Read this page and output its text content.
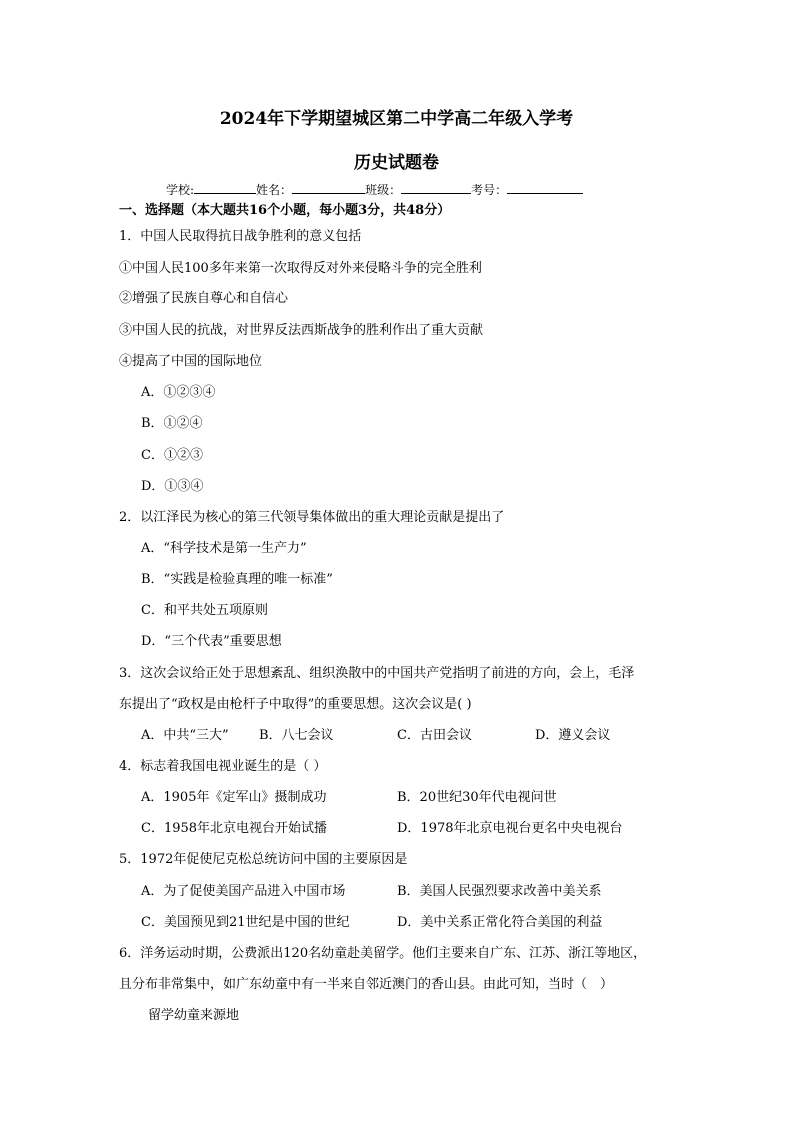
2024年下学期望城区第二中学高二年级入学考
历史试题卷
学校:	姓名：	班级：	考号：
一、选择题（本大题共16个小题，每小题3分，共48分）
1．中国人民取得抗日战争胜利的意义包括
①中国人民100多年来第一次取得反对外来侵略斗争的完全胜利
②增强了民族自尊心和自信心
③中国人民的抗战，对世界反法西斯战争的胜利作出了重大贡献
④提高了中国的国际地位
A．①②③④
B．①②④
C．①②③
D．①③④
2．以江泽民为核心的第三代领导集体做出的重大理论贡献是提出了
A．“科学技术是第一生产力”
B．“实践是检验真理的唯一标准”
C．和平共处五项原则
D．“三个代表”重要思想
3．这次会议给正处于思想紊乱、组织涣散中的中国共产党指明了前进的方向，会上，毛泽
东提出了“政权是由枪杆子中取得”的重要思想。这次会议是( )
A．中共“三大” B．八七会议	C．古田会议	D．遵义会议
4．标志着我国电视业诞生的是（ ）
A．1905年《定军山》摄制成功	B．20世纪30年代电视问世
C．1958年北京电视台开始试播	D．1978年北京电视台更名中央电视台
5．1972年促使尼克松总统访问中国的主要原因是
A．为了促使美国产品进入中国市场	B．美国人民强烈要求改善中美关系
C．美国预见到21世纪是中国的世纪	D．美中关系正常化符合美国的利益
6．洋务运动时期，公费派出120名幼童赴美留学。他们主要来自广东、江苏、浙江等地区，
且分布非常集中，如广东幼童中有一半来自邻近澳门的香山县。由此可知，当时（　）
留学幼童来源地
